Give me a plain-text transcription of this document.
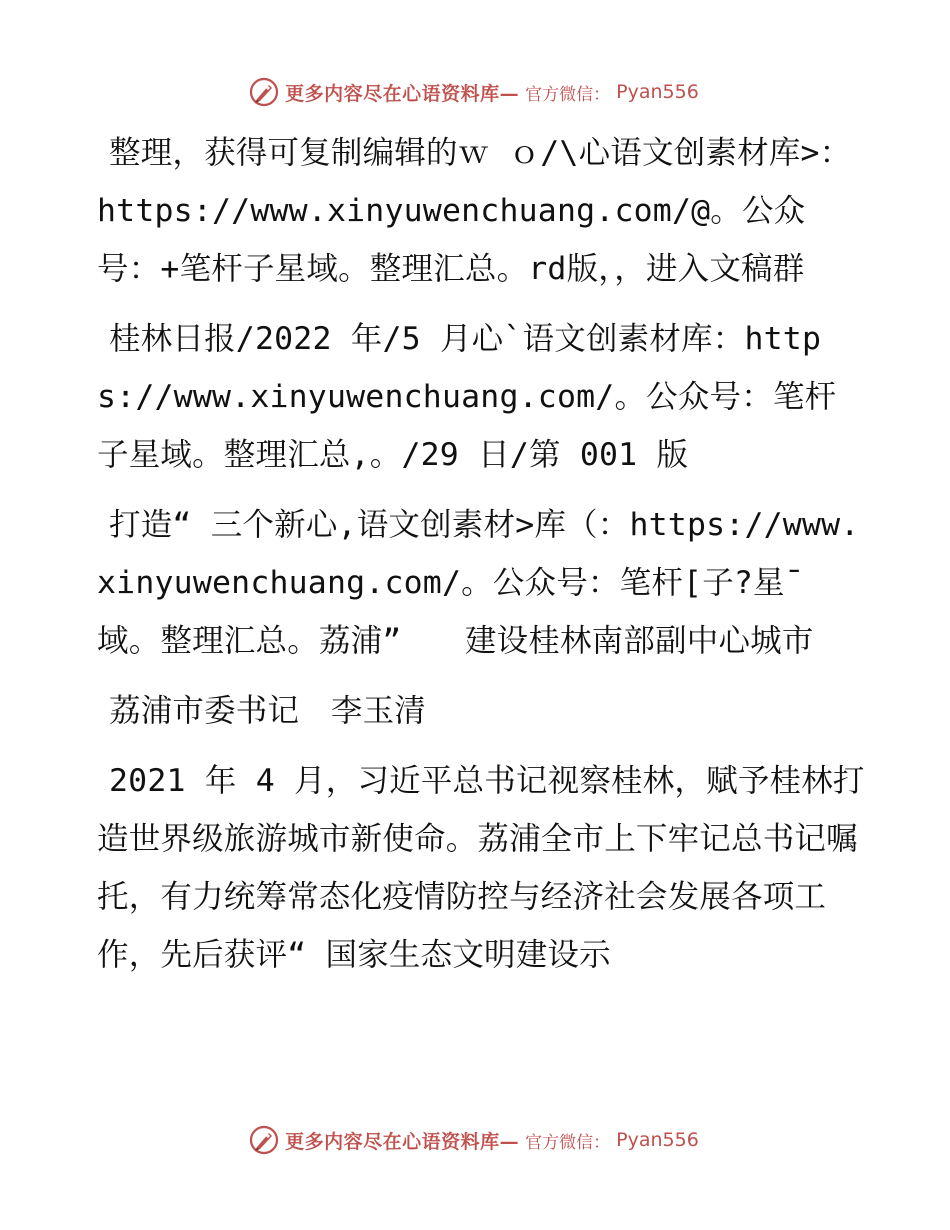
更多内容尽在心语资料库— 官方微信： Pyan556

整理，获得可复制编辑的ｗ ｏ/\心语文创素材库>：https://www.xinyuwenchuang.com/@。公众号：+笔杆子星域。整理汇总。rd版，，进入文稿群

桂林日报/2022 年/5 月心`语文创素材库：https://www.xinyuwenchuang.com/。公众号：笔杆子星域。整理汇总,。/29 日/第 001 版

打造“ 三个新心,语文创素材>库（：https://www.xinyuwenchuang.com/。公众号：笔杆[子?星¯域。整理汇总。荔浦”　　建设桂林南部副中心城市

荔浦市委书记　李玉清

2021 年 4 月，习近平总书记视察桂林，赋予桂林打造世界级旅游城市新使命。荔浦全市上下牢记总书记嘱托，有力统筹常态化疫情防控与经济社会发展各项工作，先后获评“ 国家生态文明建设示

更多内容尽在心语资料库— 官方微信： Pyan556
